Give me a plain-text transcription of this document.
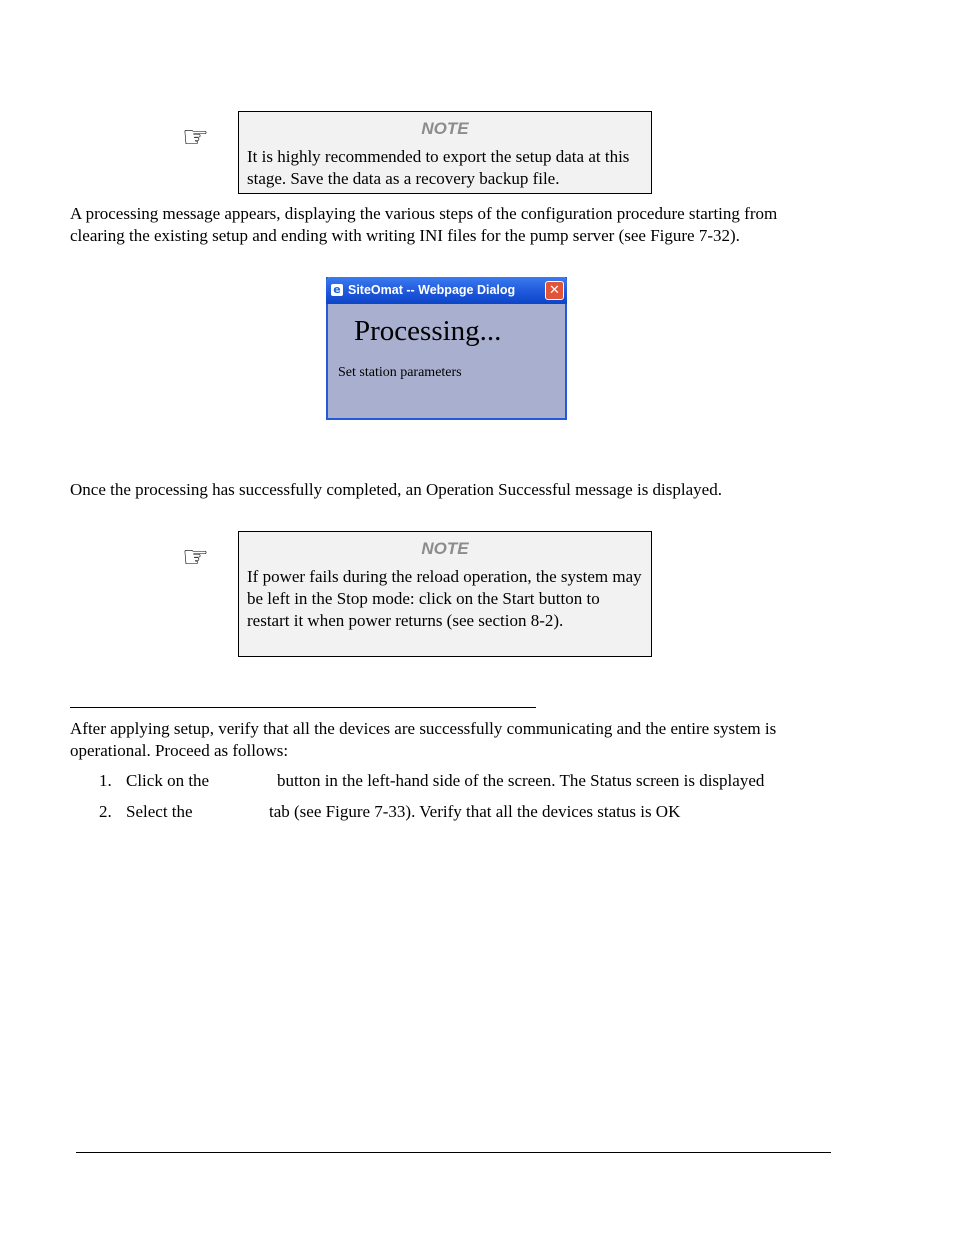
☞	NOTE
It is highly recommended to export the setup data at this stage. Save the data as a recovery backup file.
A processing message appears, displaying the various steps of the configuration procedure starting from clearing the existing setup and ending with writing INI files for the pump server (see Figure 7-32).
e SiteOmat -- Webpage Dialog	✕
Processing...
Set station parameters
Once the processing has successfully completed, an Operation Successful message is displayed.
☞	NOTE
If power fails during the reload operation, the system may be left in the Stop mode: click on the Start button to restart it when power returns (see section 8-2).
After applying setup, verify that all the devices are successfully communicating and the entire system is operational. Proceed as follows:
1. Click on the	button in the left-hand side of the screen. The Status screen is displayed
2. Select the	tab (see Figure 7-33). Verify that all the devices status is OK
